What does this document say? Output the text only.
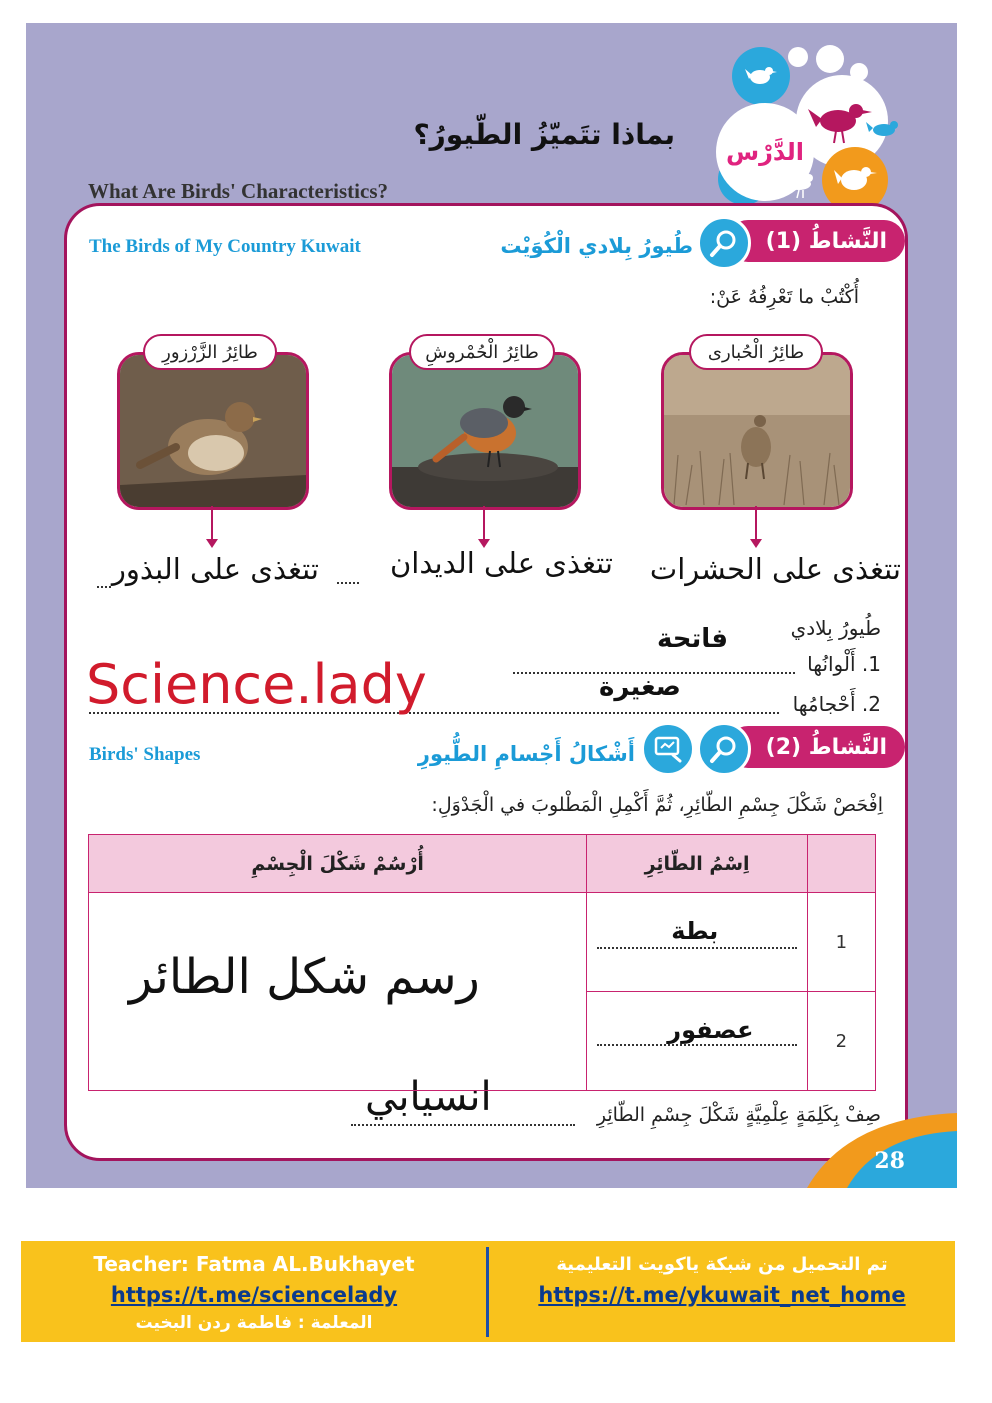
الدَّرْس
بماذا تتَميّزُ الطّيورُ؟
What Are Birds' Characteristics?
النَّشاطُ (1)
طُيورُ بِلادي الْكُوَيْت
The Birds of My Country Kuwait
أُكْتُبْ ما تَعْرِفُهُ عَنْ:
طائِرُ الْحُبارى
طائِرُ الْحُمْروشِ
طائِرُ الزَّرْزورِ
تتغذى على الحشرات
تتغذى على الديدان
تتغذى على البذور
طُيورُ بِلادي
1. أَلْوانُها
فاتحة
2. أَحْجامُها
صغيرة
النَّشاطُ (2)
أَشْكالُ أَجْسامِ الطُّيورِ
Birds' Shapes
اِفْحَصْ شَكْلَ جِسْمِ الطّائِرِ، ثُمَّ أَكْمِلِ الْمَطْلوبَ في الْجَدْوَلِ:
صِفْ بِكَلِمَةٍ عِلْمِيَّةٍ شَكْلَ جِسْمِ الطّائِرِ
انسيابي
Science.lady
أُرْسُمْ شَكْلَ الْجِسْمِ	اِسْمُ الطّائِرِ	

رسم شكل الطائر	بطة	1

	عصفور	2
28
Teacher: Fatma AL.Bukhayet
https://t.me/sciencelady
المعلمة : فاطمة ردن البخيت
تم التحميل من شبكة ياكويت التعليمية
https://t.me/ykuwait_net_home
